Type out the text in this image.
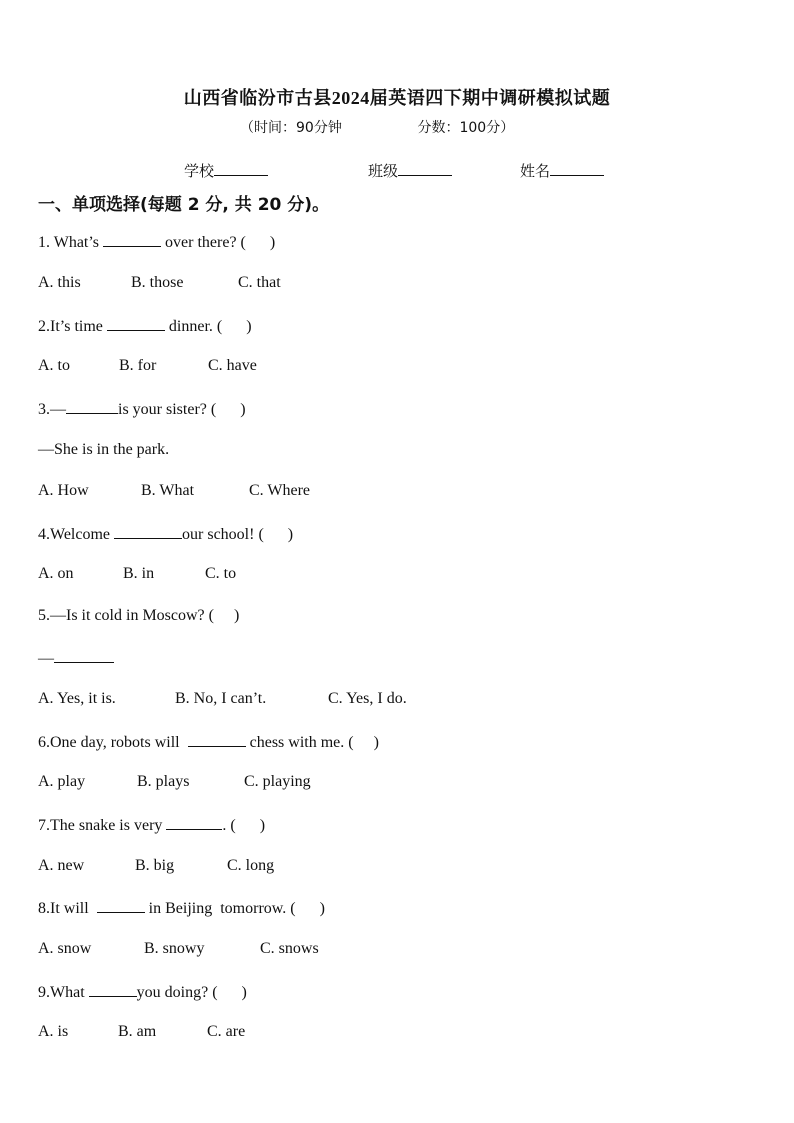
山西省临汾市古县2024届英语四下期中调研模拟试题
（时间：90分钟                 分数：100分）
学校	班级	姓名
一、单项选择(每题 2 分, 共 20 分)。
1. What’s	over there? (      )
A. this	B. those	C. that
2.It’s time	dinner. (      )
A. to	B. for	C. have
3.—	is your sister? (      )
—She is in the park.
A. How	B. What	C. Where
4.Welcome	our school! (      )
A. on	B. in	C. to
5.—Is it cold in Moscow? (     )
—
A. Yes, it is.	B. No, I can’t.	C. Yes, I do.
6.One day, robots will	chess with me. (     )
A. play	B. plays	C. playing
7.The snake is very	. (      )
A. new	B. big	C. long
8.It will	in Beijing  tomorrow. (      )
A. snow	B. snowy	C. snows
9.What	you doing? (      )
A. is	B. am	C. are
